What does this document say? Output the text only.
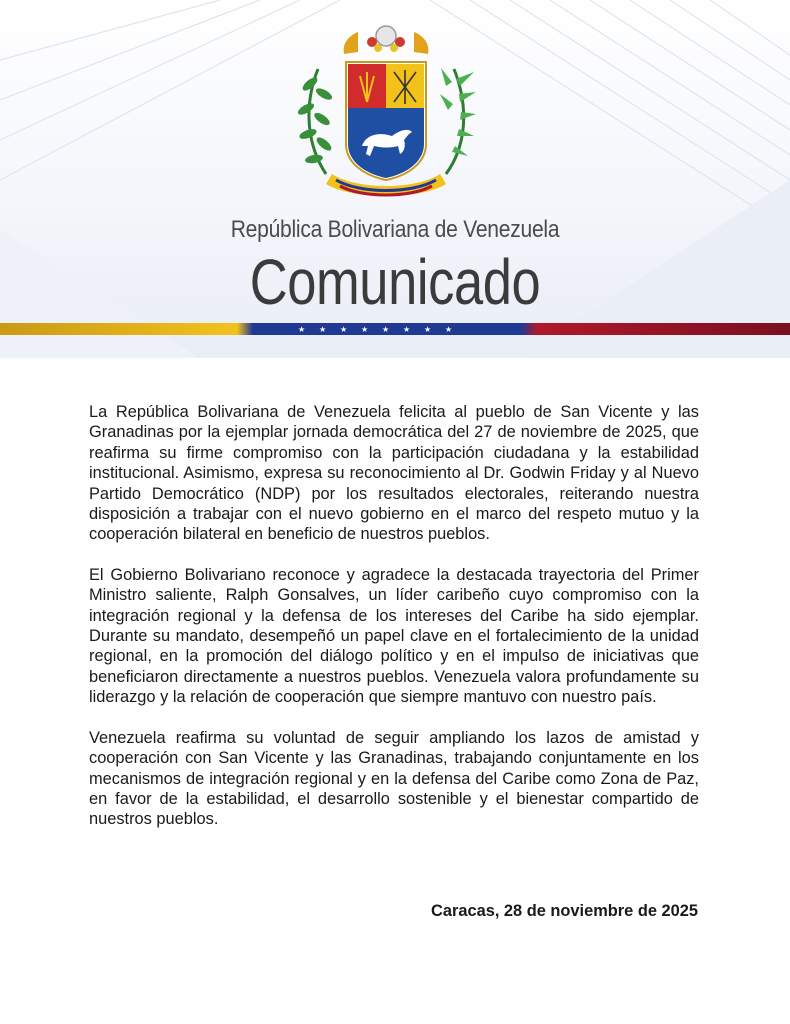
República Bolivariana de Venezuela
Comunicado
★ ★ ★ ★ ★ ★ ★ ★

La República Bolivariana de Venezuela felicita al pueblo de San Vicente y las Granadinas por la ejemplar jornada democrática del 27 de noviembre de 2025, que reafirma su firme compromiso con la participación ciudadana y la estabilidad institucional. Asimismo, expresa su reconocimiento al Dr. Godwin Friday y al Nuevo Partido Democrático (NDP) por los resultados electorales, reiterando nuestra disposición a trabajar con el nuevo gobierno en el marco del respeto mutuo y la cooperación bilateral en beneficio de nuestros pueblos.

El Gobierno Bolivariano reconoce y agradece la destacada trayectoria del Primer Ministro saliente, Ralph Gonsalves, un líder caribeño cuyo compromiso con la integración regional y la defensa de los intereses del Caribe ha sido ejemplar. Durante su mandato, desempeñó un papel clave en el fortalecimiento de la unidad regional, en la promoción del diálogo político y en el impulso de iniciativas que beneficiaron directamente a nuestros pueblos. Venezuela valora profundamente su liderazgo y la relación de cooperación que siempre mantuvo con nuestro país.

Venezuela reafirma su voluntad de seguir ampliando los lazos de amistad y cooperación con San Vicente y las Granadinas, trabajando conjuntamente en los mecanismos de integración regional y en la defensa del Caribe como Zona de Paz, en favor de la estabilidad, el desarrollo sostenible y el bienestar compartido de nuestros pueblos.

Caracas, 28 de noviembre de 2025
